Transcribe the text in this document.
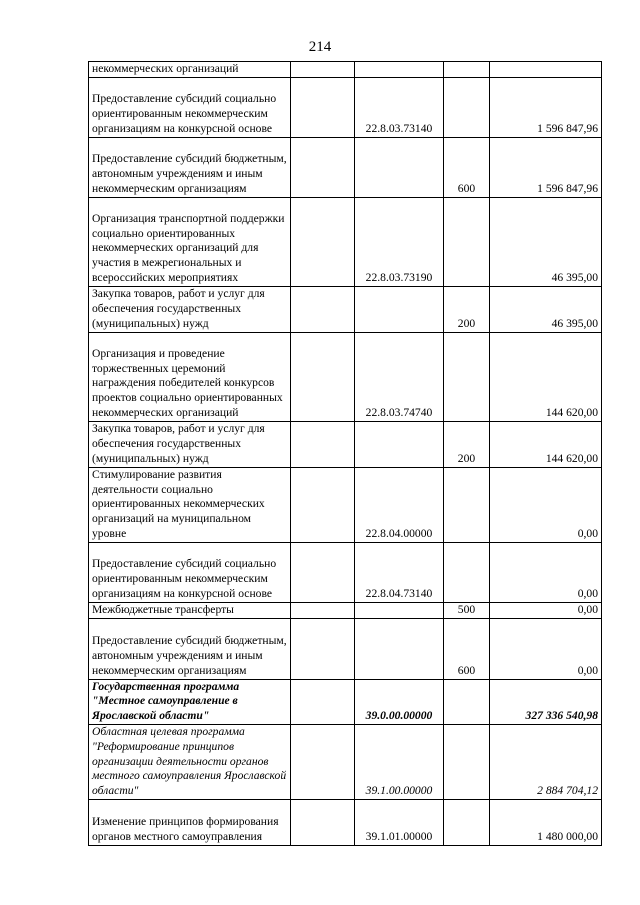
214
некоммерческих организаций				
Предоставление субсидий социально ориентированным некоммерческим организациям на конкурсной основе		22.8.03.73140		1 596 847,96
Предоставление субсидий бюджетным, автономным учреждениям и иным некоммерческим организациям			600	1 596 847,96
Организация транспортной поддержки социально ориентированных некоммерческих организаций для участия в межрегиональных и всероссийских мероприятиях		22.8.03.73190		46 395,00
Закупка товаров, работ и услуг для обеспечения государственных (муниципальных) нужд			200	46 395,00
Организация и проведение торжественных церемоний награждения победителей конкурсов проектов социально ориентированных некоммерческих организаций		22.8.03.74740		144 620,00
Закупка товаров, работ и услуг для обеспечения государственных (муниципальных) нужд			200	144 620,00
Стимулирование развития деятельности социально ориентированных некоммерческих организаций на муниципальном уровне		22.8.04.00000		0,00
Предоставление субсидий социально ориентированным некоммерческим организациям на конкурсной основе		22.8.04.73140		0,00
Межбюджетные трансферты			500	0,00
Предоставление субсидий бюджетным, автономным учреждениям и иным некоммерческим организациям			600	0,00
Государственная программа "Местное самоуправление в Ярославской области"		39.0.00.00000		327 336 540,98
Областная целевая программа "Реформирование принципов организации деятельности органов местного самоуправления Ярославской области"		39.1.00.00000		2 884 704,12
Изменение принципов формирования органов местного самоуправления		39.1.01.00000		1 480 000,00
